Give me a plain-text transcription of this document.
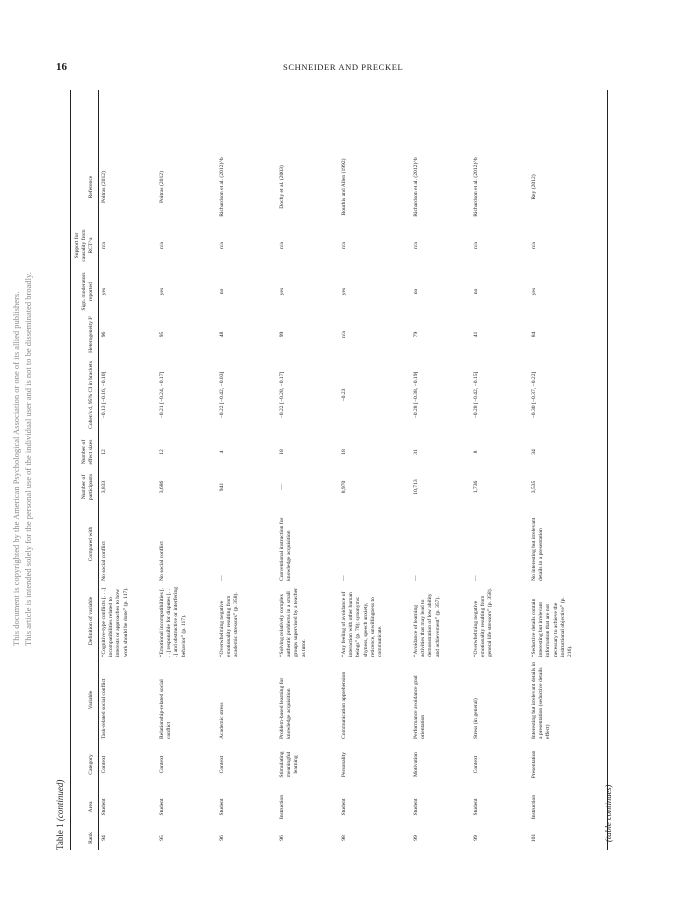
16	SCHNEIDER AND PRECKEL
This document is copyrighted by the American Psychological Association or one of its allied publishers. This article is intended solely for the personal use of the individual user and is not to be disseminated broadly.
Table 1 (continued)
Rank
Area
Category
Variable
Definition of variable
Compared with
Number of participants
Number of effect sizes
Cohen's d, 95% CI in brackets
Heterogeneity I²
Sign. moderators reported
Support for causality from RCT^a
Reference
94
Student
Context
Task-related social conflict
“Cognitive-type conflicts [. . .] incompatibilities related to interests or approaches to how work should be done” (p. 117).
No social conflict
3,833
12
−0.13 [−0.16, −0.10]
96
yes
n/a
Poitras (2012)
95
Student
Context
Relationship-related social conflict
“Emotional incompatibilities [. . .] responsible for disputes [. . .] and obstructive or interfering behavior” (p. 117).
No social conflict
3,686
12
−0.21 [−0.24, −0.17]
95
yes
n/a
Poitras (2012)
96
Student
Context
Academic stress
“Overwhelming negative emotionality resulting from academic stressors” (p. 358).
—
941
4
−0.22 [−0.42, −0.03]
48
no
n/a
Richardson et al. (2012)^b
96
Instruction
Stimulating meaningful learning
Problem-based learning for knowledge acquisition
“Solving relatively complex authentic problems in a small groups supervised by a teacher as tutor.
Conventional instruction for knowledge acquisition
—
18
−0.22 [−0.28, −0.17]
99
yes
n/a
Dochy et al. (2003)
98
Student
Personality
Communication apprehension
“Any feeling of avoidance of interaction with other human beings” (p. 70); synonyms: shyness, speech anxiety, reticence, unwillingness to communicate.
—
8,970
18
−0.23
n/a
yes
n/a
Bourhis and Allen (1992)
99
Student
Motivation
Performance avoidance goal orientation
“Avoidance of learning activities that may lead to demonstration of low ability and achievement” (p. 357).
—
10,713
31
−0.28 [−0.38, −0.19]
79
no
n/a
Richardson et al. (2012)^b
99
Student
Context
Stress (in general)
“Overwhelming negative emotionality resulting from general life stressors” (p. 358).
—
1,736
8
−0.28 [−0.42, −0.15]
41
no
n/a
Richardson et al. (2012)^b
101
Instruction
Presentation
Interesting but irrelevant details in a presentation (seductive details effect)
“Seductive details contain interesting but irrelevant information that are not necessary to achieve the instructional objective” (p. 216).
No interesting but irrelevant details in a presentation
3,535
34
−0.30 [−0.37, −0.22]
84
yes
n/a
Rey (2012)
(table continues)
